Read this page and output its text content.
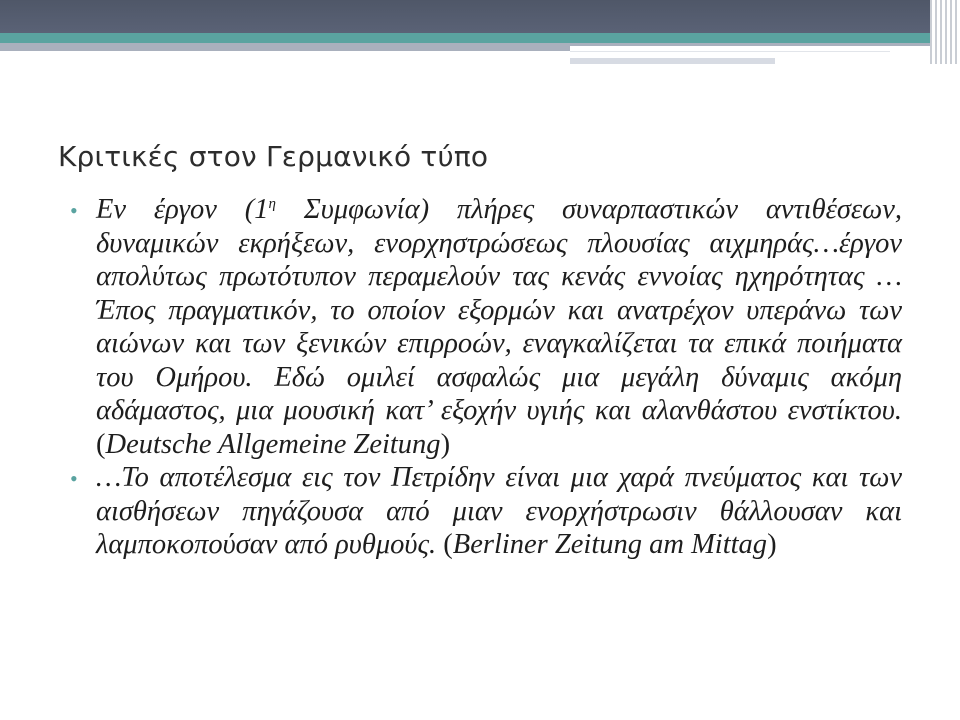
Κριτικές στον Γερμανικό τύπο
• Εν έργον ($1^\eta$ Συμφωνία) πλήρες συναρπαστικών αντιθέσεων, δυναμικών εκρήξεων, ενορχηστρώσεως πλουσίας αιχμηράς…έργον απολύτως πρωτότυπον περαμελούν τας κενάς εννοίας ηχηρότητας …Έπος πραγματικόν, το οποίον εξορμών και ανατρέχον υπεράνω των αιώνων και των ξενικών επιρροών, εναγκαλίζεται τα επικά ποιήματα του Ομήρου. Εδώ ομιλεί ασφαλώς μια μεγάλη δύναμις ακόμη αδάμαστος, μια μουσική κατ’ εξοχήν υγιής και αλανθάστου ενστίκτου. (Deutsche Allgemeine Zeitung)

• …Το αποτέλεσμα εις τον Πετρίδην είναι μια χαρά πνεύματος και των αισθήσεων πηγάζουσα από μιαν ενορχήστρωσιν θάλλουσαν και λαμποκοπούσαν από ρυθμούς. (Berliner Zeitung am Mittag)
